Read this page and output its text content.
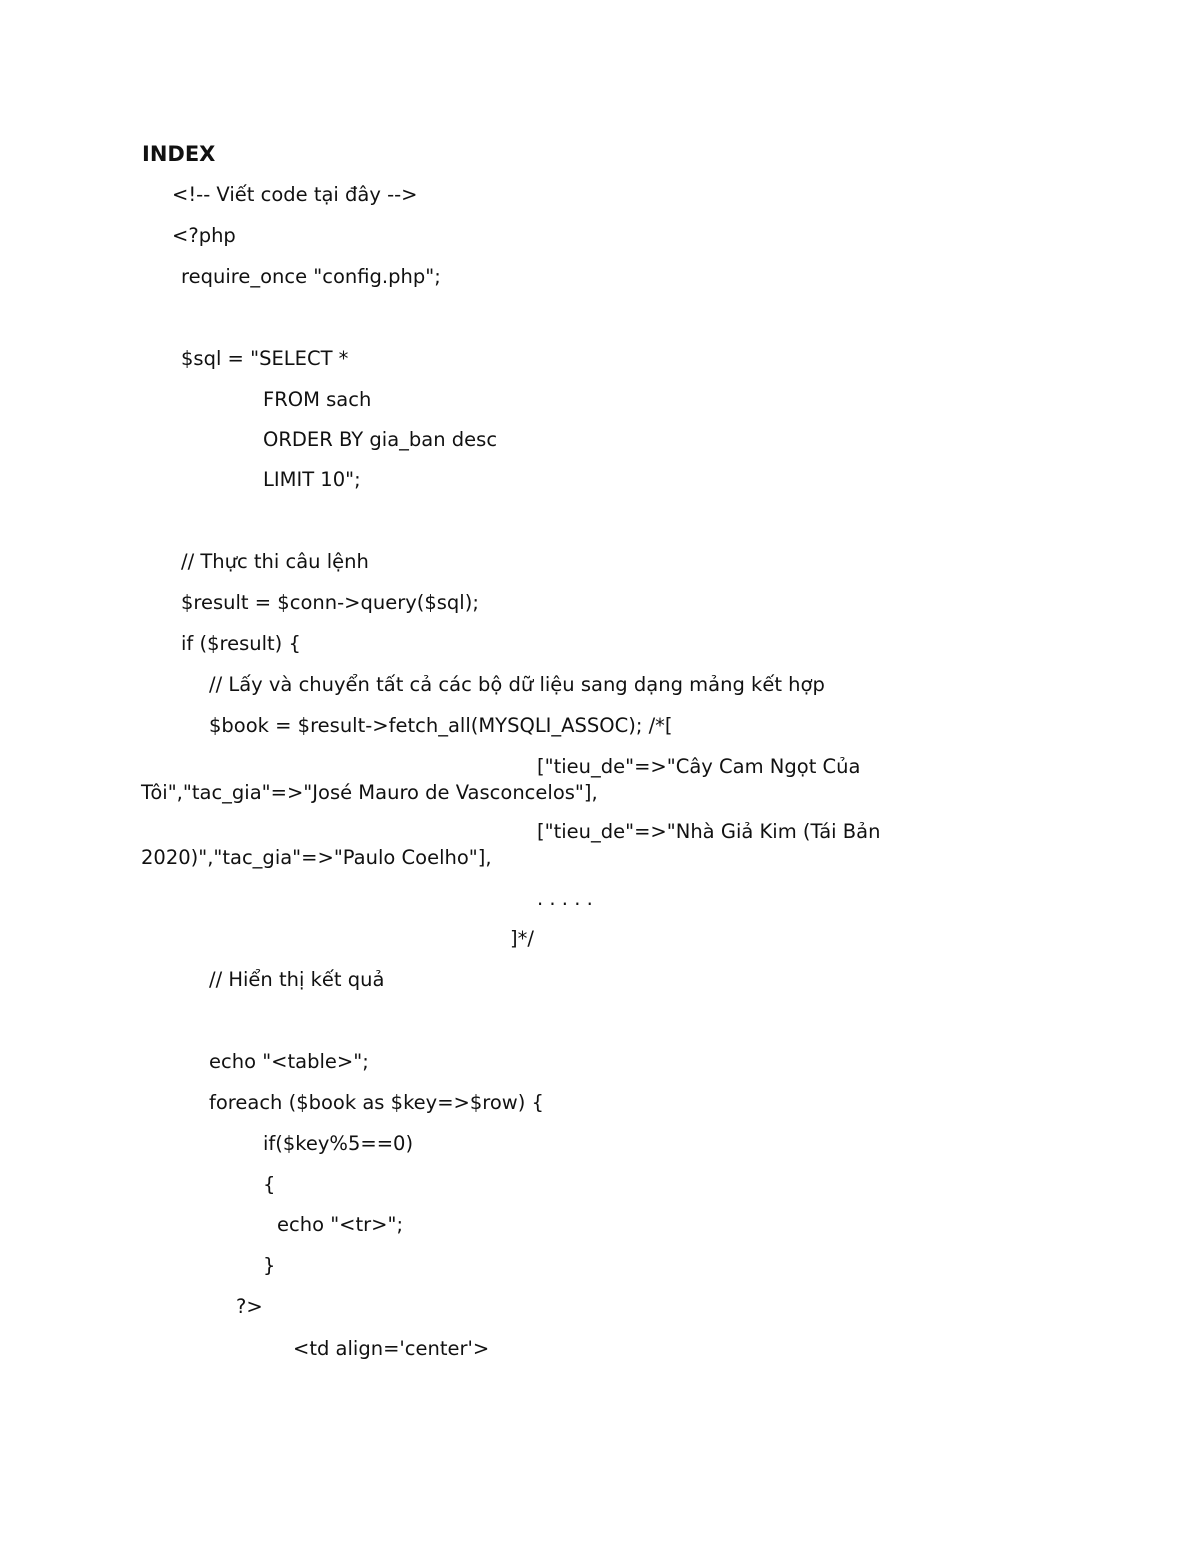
INDEX
<!-- Viết code tại đây -->
<?php
require_once "config.php";
$sql = "SELECT *
FROM sach
ORDER BY gia_ban desc
LIMIT 10";
// Thực thi câu lệnh
$result = $conn->query($sql);
if ($result) {
// Lấy và chuyển tất cả các bộ dữ liệu sang dạng mảng kết hợp
$book = $result->fetch_all(MYSQLI_ASSOC); /*[
["tieu_de"=>"Cây Cam Ngọt Của Tôi","tac_gia"=>"José Mauro de Vasconcelos"],
["tieu_de"=>"Nhà Giả Kim (Tái Bản 2020)","tac_gia"=>"Paulo Coelho"],
. . . . .
]*/
// Hiển thị kết quả
echo "<table>";
foreach ($book as $key=>$row) {
if($key%5==0)
{
echo "<tr>";
}
?>
<td align='center'>
